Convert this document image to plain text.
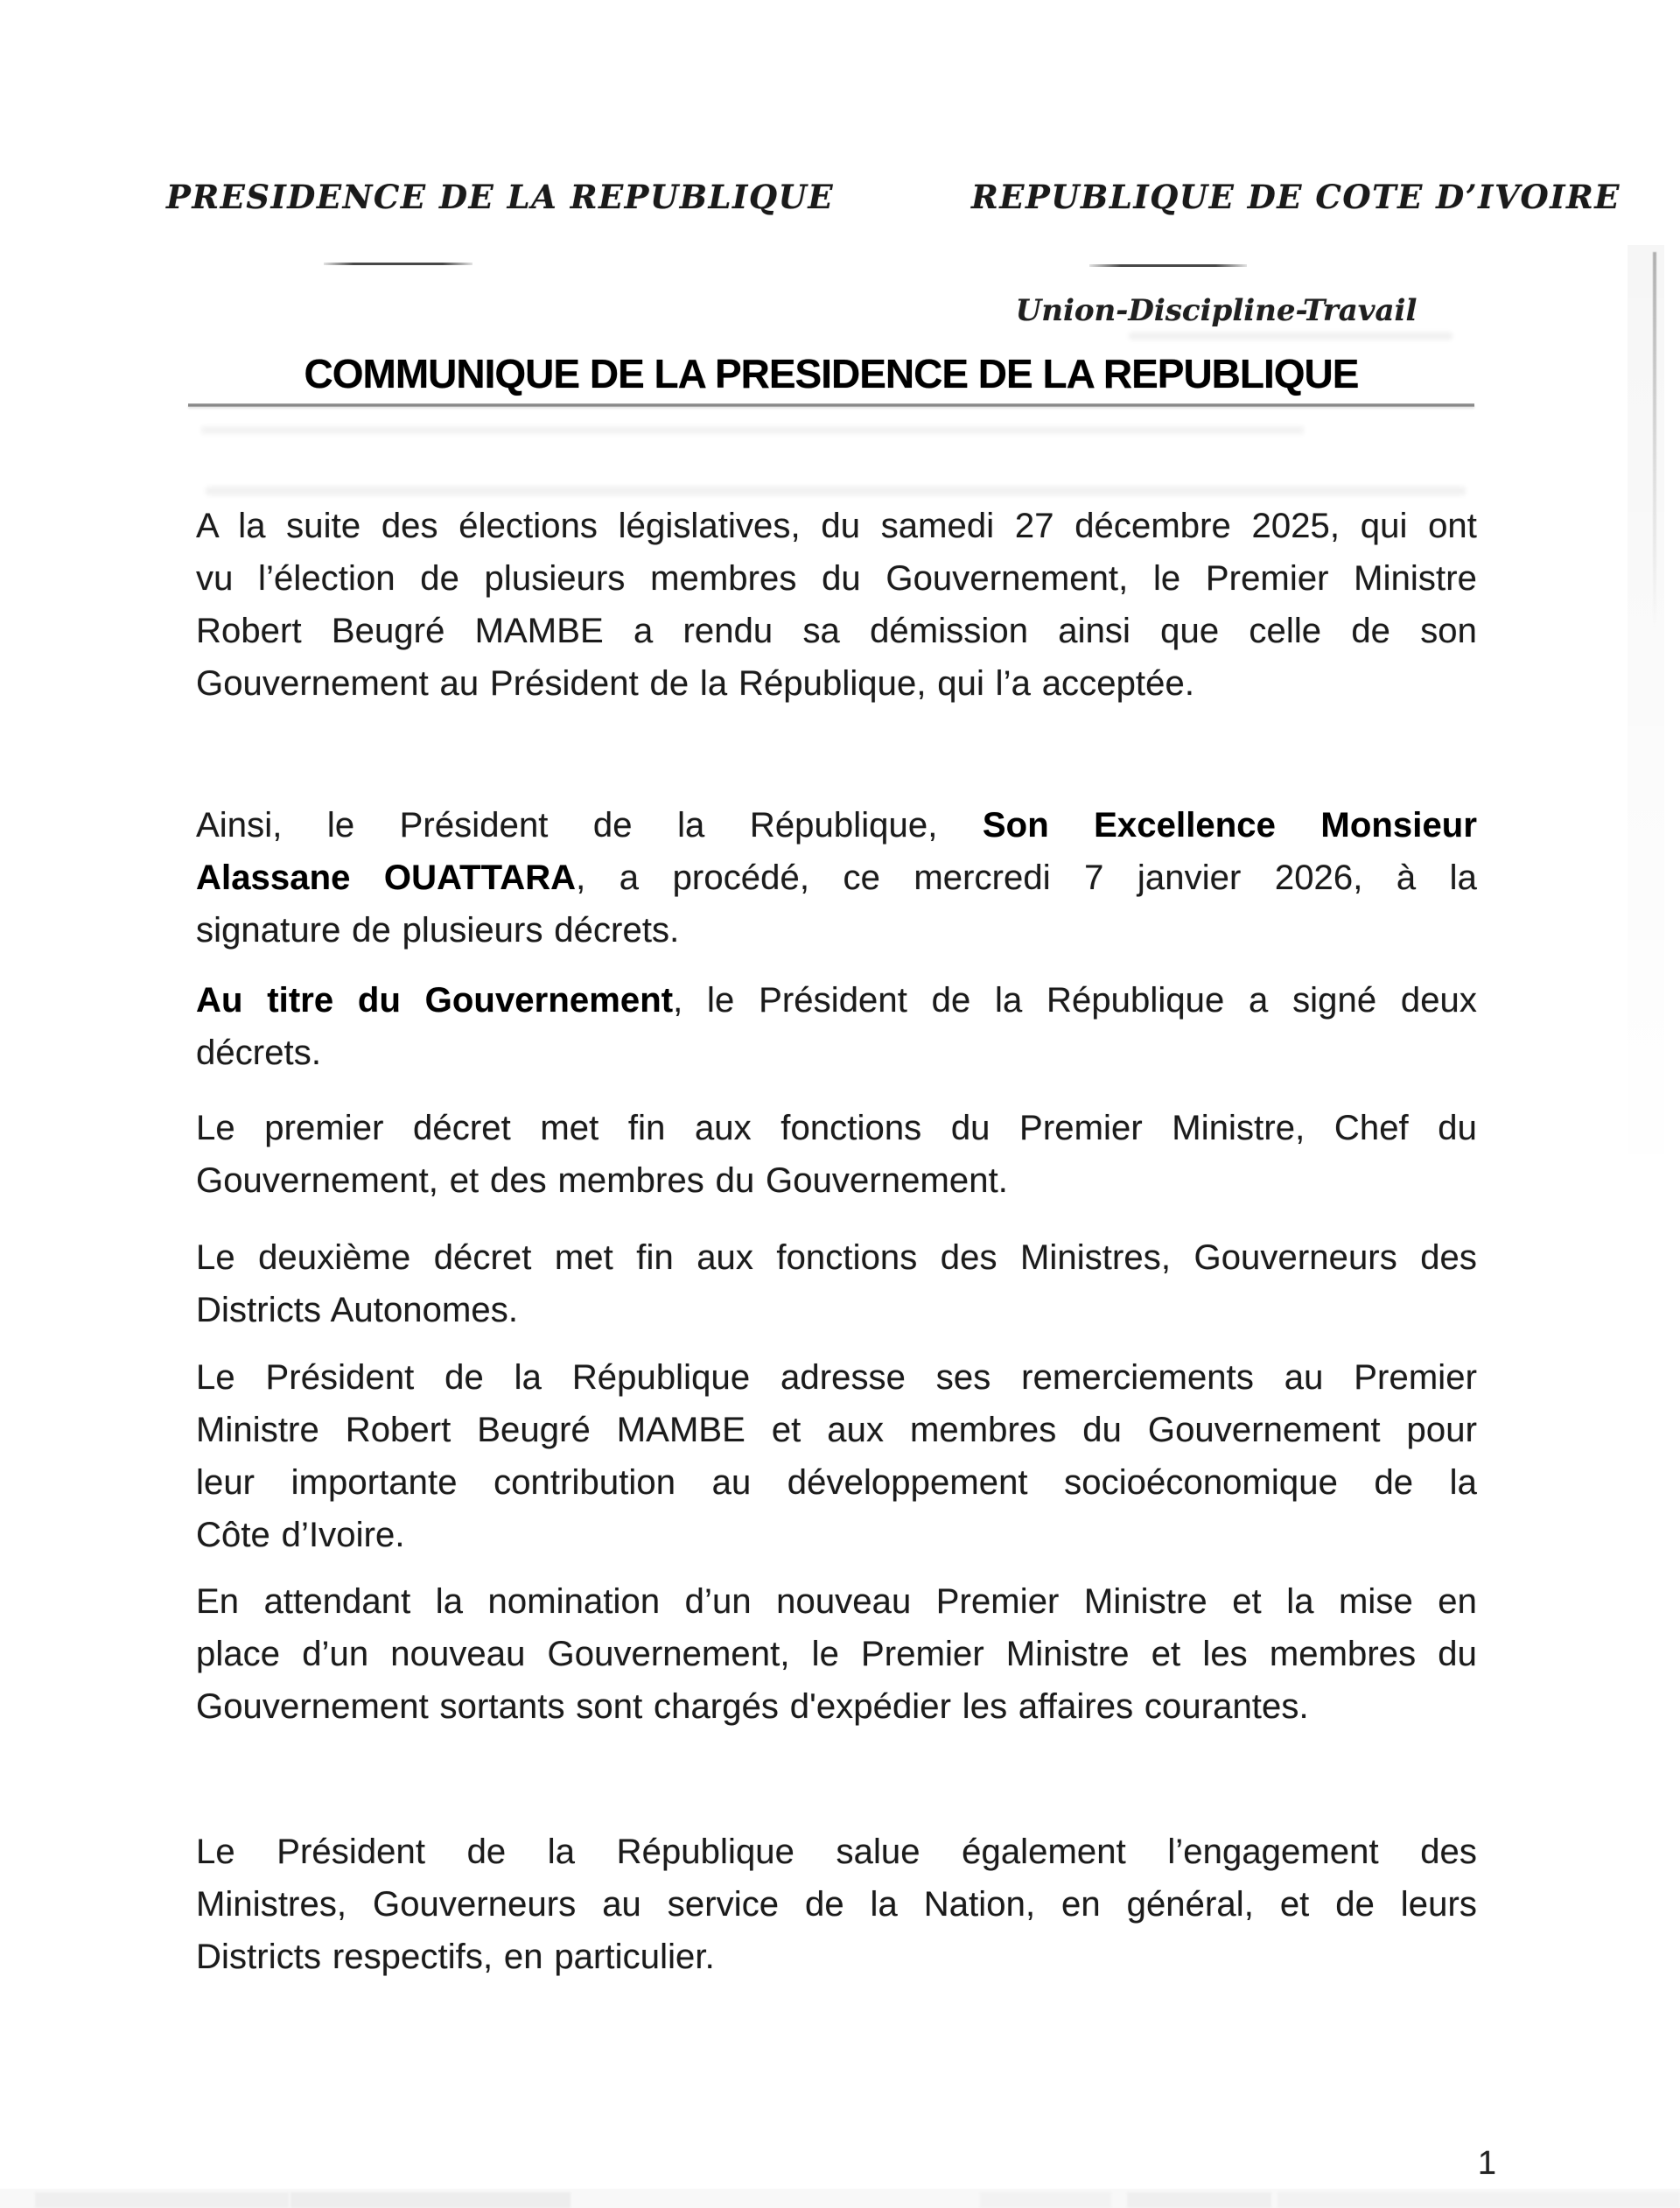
PRESIDENCE DE LA REPUBLIQUE	REPUBLIQUE DE COTE D’IVOIRE
Union-Discipline-Travail
COMMUNIQUE DE LA PRESIDENCE DE LA REPUBLIQUE
A la suite des élections législatives, du samedi 27 décembre 2025, qui ont
vu l’élection de plusieurs membres du Gouvernement, le Premier Ministre
Robert Beugré MAMBE a rendu sa démission ainsi que celle de son
Gouvernement au Président de la République, qui l’a acceptée.
Ainsi, le Président de la République, Son Excellence Monsieur
Alassane OUATTARA, a procédé, ce mercredi 7 janvier 2026, à la
signature de plusieurs décrets.
Au titre du Gouvernement, le Président de la République a signé deux
décrets.
Le premier décret met fin aux fonctions du Premier Ministre, Chef du
Gouvernement, et des membres du Gouvernement.
Le deuxième décret met fin aux fonctions des Ministres, Gouverneurs des
Districts Autonomes.
Le Président de la République adresse ses remerciements au Premier
Ministre Robert Beugré MAMBE et aux membres du Gouvernement pour
leur importante contribution au développement socioéconomique de la
Côte d’Ivoire.
En attendant la nomination d’un nouveau Premier Ministre et la mise en
place d’un nouveau Gouvernement, le Premier Ministre et les membres du
Gouvernement sortants sont chargés d'expédier les affaires courantes.
Le Président de la République salue également l’engagement des
Ministres, Gouverneurs au service de la Nation, en général, et de leurs
Districts respectifs, en particulier.
1
